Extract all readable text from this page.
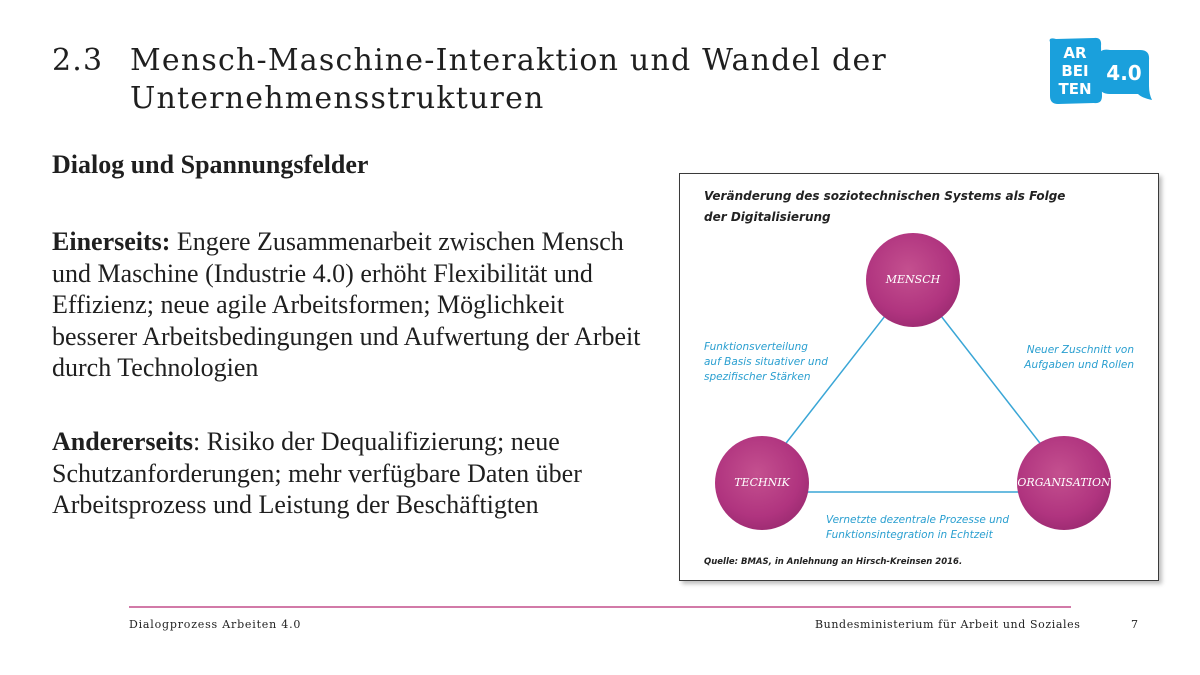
2.3 Mensch-Maschine-Interaktion und Wandel der Unternehmensstrukturen
AR
BEI
TEN
4.0
Dialog und Spannungsfelder
Einerseits: Engere Zusammenarbeit zwischen Mensch und Maschine (Industrie 4.0) erhöht Flexibilität und Effizienz; neue agile Arbeitsformen; Möglichkeit besserer Arbeitsbedingungen und Aufwertung der Arbeit durch Technologien
Andererseits: Risiko der Dequalifizierung; neue Schutzanforderungen; mehr verfügbare Daten über Arbeitsprozess und Leistung der Beschäftigten
Veränderung des soziotechnischen Systems als Folge
der Digitalisierung
MENSCH
TECHNIK	ORGANISATION
Funktionsverteilung
auf Basis situativer und
spezifischer Stärken
Neuer Zuschnitt von
Aufgaben und Rollen
Vernetzte dezentrale Prozesse und
Funktionsintegration in Echtzeit
Quelle: BMAS, in Anlehnung an Hirsch-Kreinsen 2016.
Dialogprozess Arbeiten 4.0	Bundesministerium für Arbeit und Soziales	7
